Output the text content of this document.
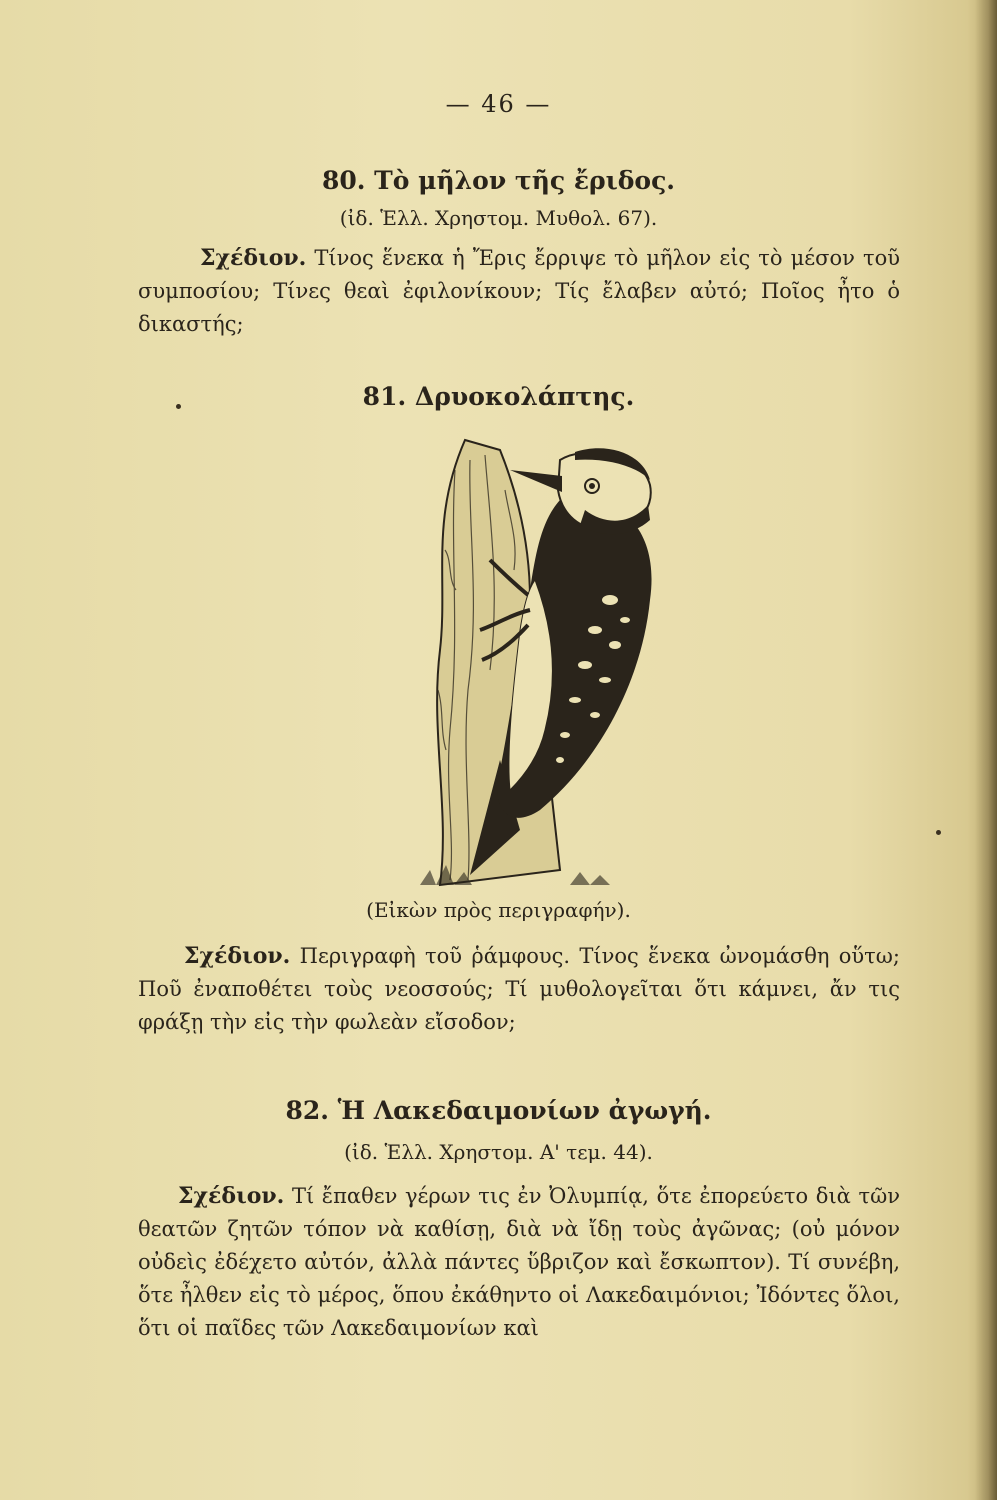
— 46 —
80. Τὸ μῆλον τῆς ἔριδος.
(ἰδ. Ἑλλ. Χρηστομ. Μυθολ. 67).
Σχέδιον. Τίνος ἕνεκα ἡ Ἔρις ἔρριψε τὸ μῆλον εἰς τὸ μέσον τοῦ συμποσίου; Τίνες θεαὶ ἐφιλονίκουν; Τίς ἔλαβεν αὐτό; Ποῖος ἦτο ὁ δικαστής;
81. Δρυοκολάπτης.
(Εἰκὼν πρὸς περιγραφήν).
Σχέδιον. Περιγραφὴ τοῦ ῥάμφους. Τίνος ἕνεκα ὠνομάσθη οὕτω; Ποῦ ἐναποθέτει τοὺς νεοσσούς; Τί μυθολογεῖται ὅτι κάμνει, ἄν τις φράξῃ τὴν εἰς τὴν φωλεὰν εἴσοδον;
82. Ἡ Λακεδαιμονίων ἀγωγή.
(ἰδ. Ἑλλ. Χρηστομ. Α' τεμ. 44).
Σχέδιον. Τί ἔπαθεν γέρων τις ἐν Ὀλυμπίᾳ, ὅτε ἐπορεύετο διὰ τῶν θεατῶν ζητῶν τόπον νὰ καθίσῃ, διὰ νὰ ἴδῃ τοὺς ἀγῶνας; (οὐ μόνον οὐδεὶς ἐδέχετο αὐτόν, ἀλλὰ πάντες ὕβριζον καὶ ἔσκωπτον). Τί συνέβη, ὅτε ἦλθεν εἰς τὸ μέρος, ὅπου ἐκάθηντο οἱ Λακεδαιμόνιοι; Ἰδόντες ὅλοι, ὅτι οἱ παῖδες τῶν Λακεδαιμονίων καὶ
